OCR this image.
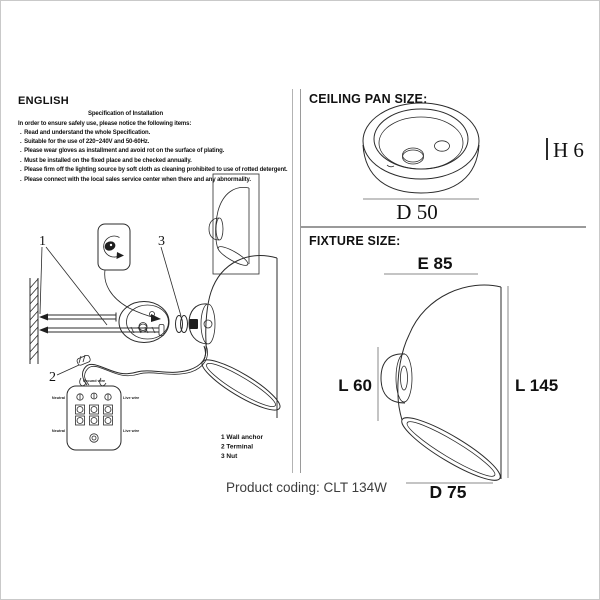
ENGLISH
Specification of Installation
In order to ensure safely use, please notice the following items:
. Read and understand the whole Specification.
. Suitable for the use of 220~240V and 50-60Hz.
. Please wear gloves as installment and avoid rot on the surface of plating.
. Must be installed on the fixed place and be checked annually.
. Please firm off the lighting source by soft cloth as cleaning prohibited to use of rotted detergent.
. Please connect with the local sales service center when there and any abnormality.
Ground wire
Neutral	Live wire
Neutral	Live wire
1	3
2
1 Wall anchor
2 Terminal
3 Nut
CEILING PAN SIZE:
H 6
D 50
FIXTURE SIZE:
E 85
L 60	L 145
D 75
Product coding: CLT 134W
